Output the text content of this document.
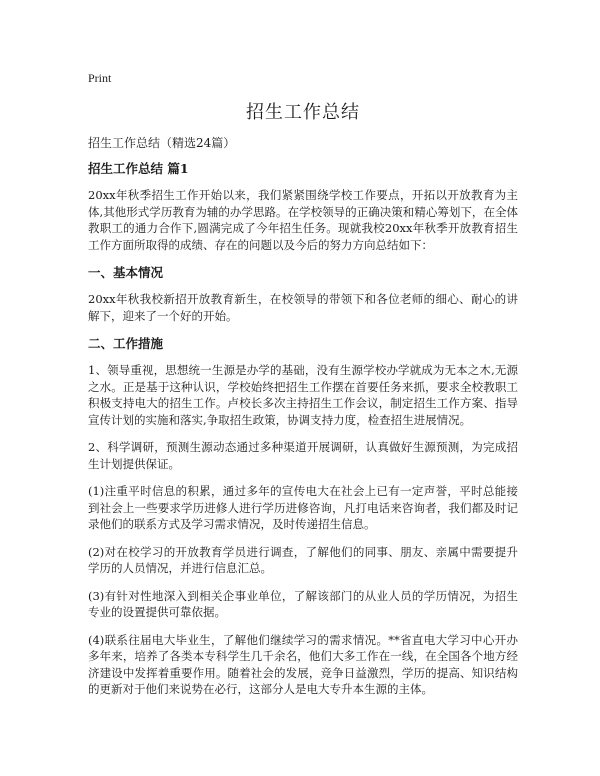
Print
招生工作总结
招生工作总结（精选24篇）
招生工作总结 篇1

20xx年秋季招生工作开始以来，我们紧紧围绕学校工作要点，开拓以开放教育为主体,其他形式学历教育为辅的办学思路。在学校领导的正确决策和精心筹划下，在全体教职工的通力合作下,圆满完成了今年招生任务。现就我校20xx年秋季开放教育招生工作方面所取得的成绩、存在的问题以及今后的努力方向总结如下：

一、基本情况

20xx年秋我校新招开放教育新生，在校领导的带领下和各位老师的细心、耐心的讲解下，迎来了一个好的开始。

二、工作措施

1、领导重视，思想统一生源是办学的基础，没有生源学校办学就成为无本之木,无源之水。正是基于这种认识，学校始终把招生工作摆在首要任务来抓，要求全校教职工积极支持电大的招生工作。卢校长多次主持招生工作会议，制定招生工作方案、指导宣传计划的实施和落实,争取招生政策，协调支持力度，检查招生进展情况。

2、科学调研，预测生源动态通过多种渠道开展调研，认真做好生源预测，为完成招生计划提供保证。

(1)注重平时信息的积累，通过多年的宣传电大在社会上已有一定声誉，平时总能接到社会上一些要求学历进修人进行学历进修咨询，凡打电话来咨询者，我们都及时记录他们的联系方式及学习需求情况，及时传递招生信息。

(2)对在校学习的开放教育学员进行调查，了解他们的同事、朋友、亲属中需要提升学历的人员情况，并进行信息汇总。

(3)有针对性地深入到相关企事业单位，了解该部门的从业人员的学历情况，为招生专业的设置提供可靠依据。

(4)联系往届电大毕业生，了解他们继续学习的需求情况。**省直电大学习中心开办多年来，培养了各类本专科学生几千余名，他们大多工作在一线，在全国各个地方经济建设中发挥着重要作用。随着社会的发展，竞争日益激烈，学历的提高、知识结构的更新对于他们来说势在必行，这部分人是电大专升本生源的主体。
